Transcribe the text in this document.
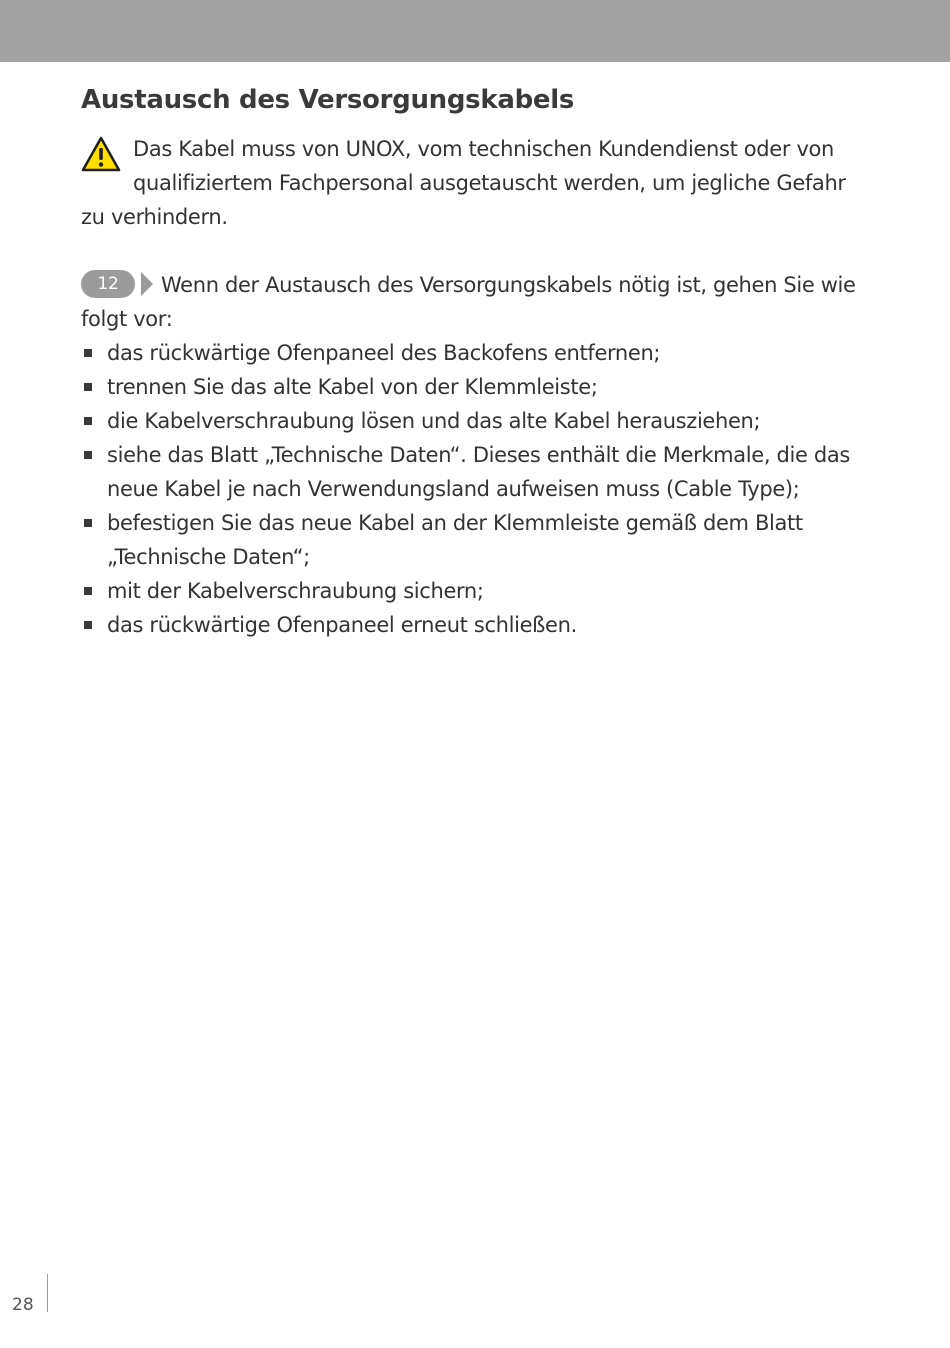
Austausch des Versorgungskabels
Das Kabel muss von UNOX, vom technischen Kundendienst oder von qualifiziertem Fachpersonal ausgetauscht werden, um jegliche Gefahr zu verhindern.
12	Wenn der Austausch des Versorgungskabels nötig ist, gehen Sie wie folgt vor:
das rückwärtige Ofenpaneel des Backofens entfernen;
trennen Sie das alte Kabel von der Klemmleiste;
die Kabelverschraubung lösen und das alte Kabel herausziehen;
siehe das Blatt „Technische Daten“. Dieses enthält die Merkmale, die das neue Kabel je nach Verwendungsland aufweisen muss (Cable Type);
befestigen Sie das neue Kabel an der Klemmleiste gemäß dem Blatt „Technische Daten“;
mit der Kabelverschraubung sichern;
das rückwärtige Ofenpaneel erneut schließen.
28
